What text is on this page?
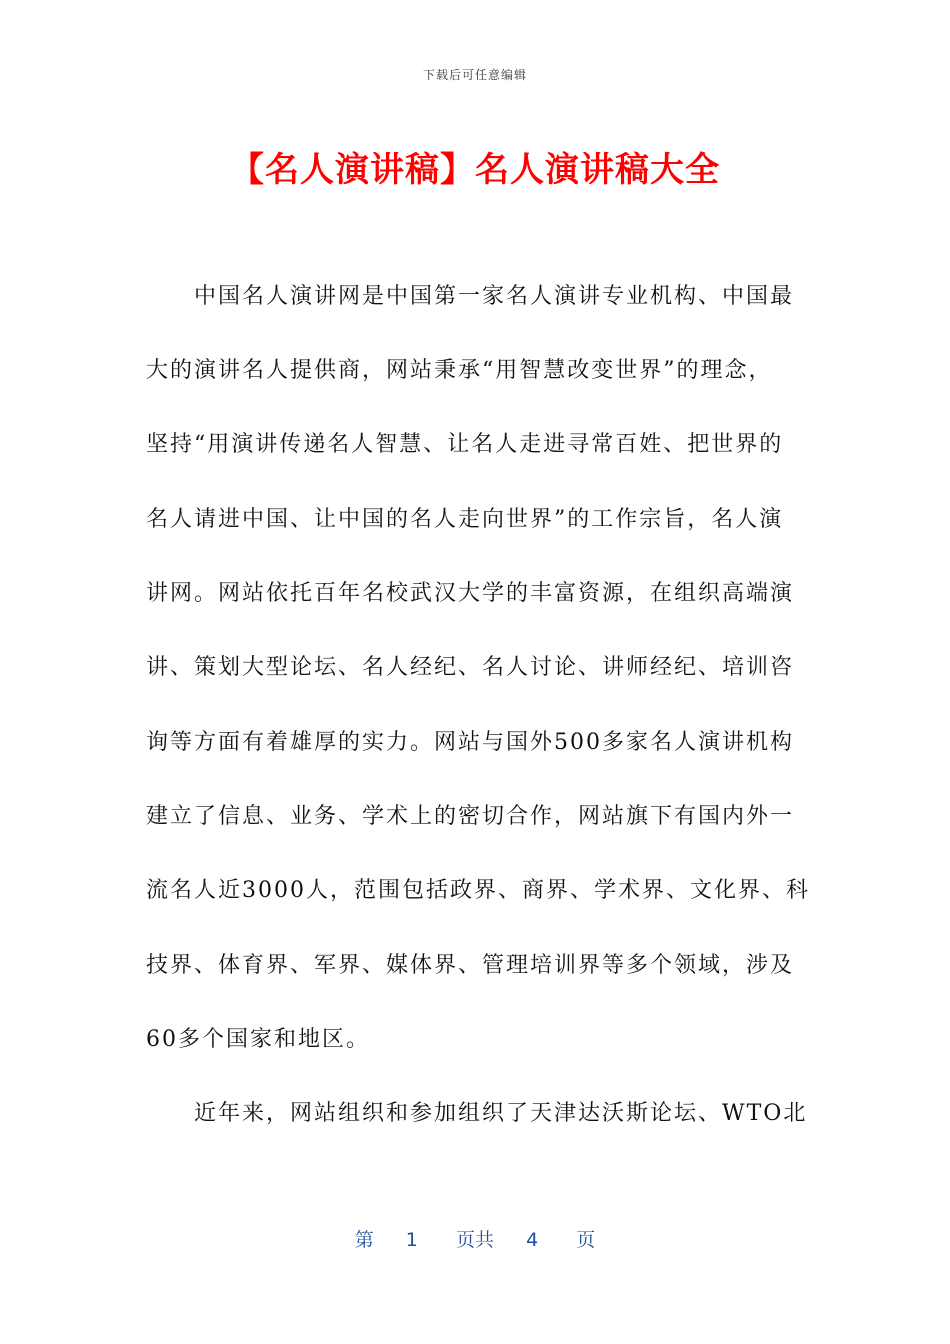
下载后可任意编辑
【名人演讲稿】名人演讲稿大全
　　中国名人演讲网是中国第一家名人演讲专业机构、中国最
大的演讲名人提供商，网站秉承“用智慧改变世界”的理念，
坚持“用演讲传递名人智慧、让名人走进寻常百姓、把世界的
名人请进中国、让中国的名人走向世界”的工作宗旨，名人演
讲网。网站依托百年名校武汉大学的丰富资源，在组织高端演
讲、策划大型论坛、名人经纪、名人讨论、讲师经纪、培训咨
询等方面有着雄厚的实力。网站与国外500多家名人演讲机构
建立了信息、业务、学术上的密切合作，网站旗下有国内外一
流名人近3000人，范围包括政界、商界、学术界、文化界、科
技界、体育界、军界、媒体界、管理培训界等多个领域，涉及
60多个国家和地区。
　　近年来，网站组织和参加组织了天津达沃斯论坛、WTO北
第 1 页共 4 页
